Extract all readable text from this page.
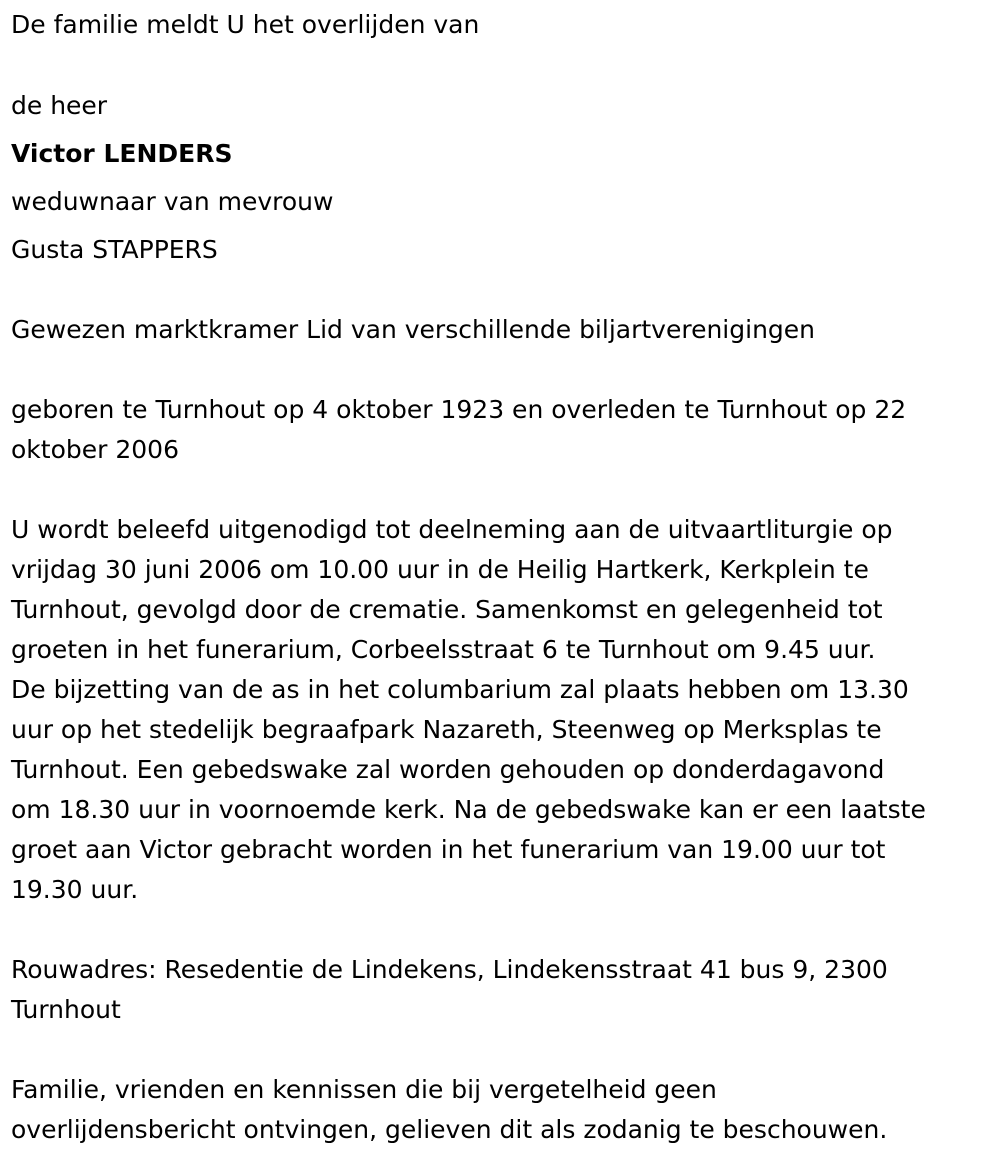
De familie meldt U het overlijden van
de heer
Victor LENDERS
weduwnaar van mevrouw
Gusta STAPPERS
Gewezen marktkramer Lid van verschillende biljartverenigingen
geboren te Turnhout op 4 oktober 1923 en overleden te Turnhout op 22
oktober 2006
U wordt beleefd uitgenodigd tot deelneming aan de uitvaartliturgie op
vrijdag 30 juni 2006 om 10.00 uur in de Heilig Hartkerk, Kerkplein te
Turnhout, gevolgd door de crematie. Samenkomst en gelegenheid tot
groeten in het funerarium, Corbeelsstraat 6 te Turnhout om 9.45 uur.
De bijzetting van de as in het columbarium zal plaats hebben om 13.30
uur op het stedelijk begraafpark Nazareth, Steenweg op Merksplas te
Turnhout. Een gebedswake zal worden gehouden op donderdagavond
om 18.30 uur in voornoemde kerk. Na de gebedswake kan er een laatste
groet aan Victor gebracht worden in het funerarium van 19.00 uur tot
19.30 uur.
Rouwadres: Resedentie de Lindekens, Lindekensstraat 41 bus 9, 2300
Turnhout
Familie, vrienden en kennissen die bij vergetelheid geen
overlijdensbericht ontvingen, gelieven dit als zodanig te beschouwen.
